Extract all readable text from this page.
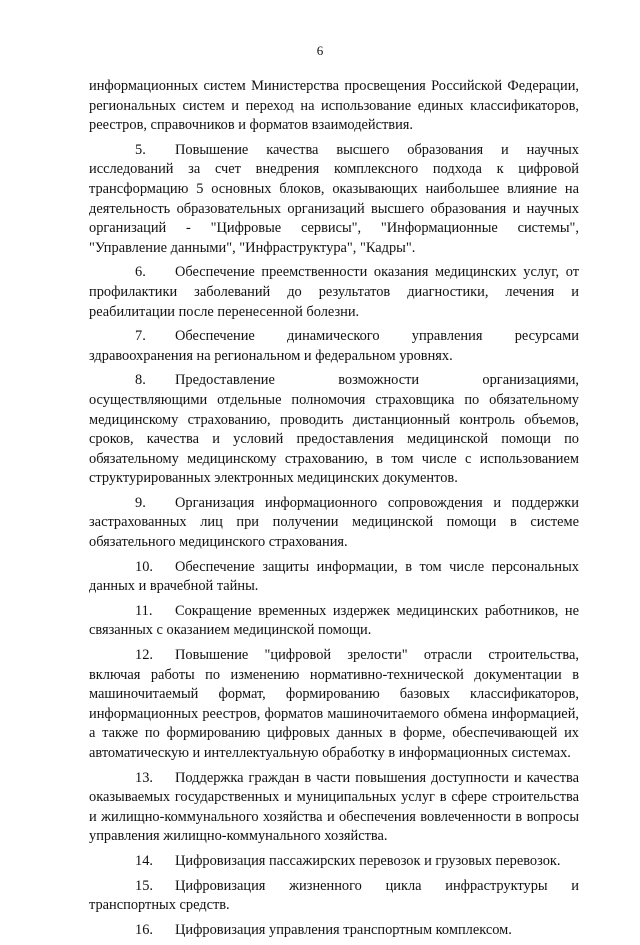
6

информационных систем Министерства просвещения Российской Федерации, региональных систем и переход на использование единых классификаторов, реестров, справочников и форматов взаимодействия.

5. Повышение качества высшего образования и научных исследований за счет внедрения комплексного подхода к цифровой трансформацию 5 основных блоков, оказывающих наибольшее влияние на деятельность образовательных организаций высшего образования и научных организаций - "Цифровые сервисы", "Информационные системы", "Управление данными", "Инфраструктура", "Кадры".

6. Обеспечение преемственности оказания медицинских услуг, от профилактики заболеваний до результатов диагностики, лечения и реабилитации после перенесенной болезни.

7. Обеспечение динамического управления ресурсами здравоохранения на региональном и федеральном уровнях.

8. Предоставление возможности организациями, осуществляющими отдельные полномочия страховщика по обязательному медицинскому страхованию, проводить дистанционный контроль объемов, сроков, качества и условий предоставления медицинской помощи по обязательному медицинскому страхованию, в том числе с использованием структурированных электронных медицинских документов.

9. Организация информационного сопровождения и поддержки застрахованных лиц при получении медицинской помощи в системе обязательного медицинского страхования.

10. Обеспечение защиты информации, в том числе персональных данных и врачебной тайны.

11. Сокращение временных издержек медицинских работников, не связанных с оказанием медицинской помощи.

12. Повышение "цифровой зрелости" отрасли строительства, включая работы по изменению нормативно-технической документации в машиночитаемый формат, формированию базовых классификаторов, информационных реестров, форматов машиночитаемого обмена информацией, а также по формированию цифровых данных в форме, обеспечивающей их автоматическую и интеллектуальную обработку в информационных системах.

13. Поддержка граждан в части повышения доступности и качества оказываемых государственных и муниципальных услуг в сфере строительства и жилищно-коммунального хозяйства и обеспечения вовлеченности в вопросы управления жилищно-коммунального хозяйства.

14. Цифровизация пассажирских перевозок и грузовых перевозок.

15. Цифровизация жизненного цикла инфраструктуры и транспортных средств.

16. Цифровизация управления транспортным комплексом.
